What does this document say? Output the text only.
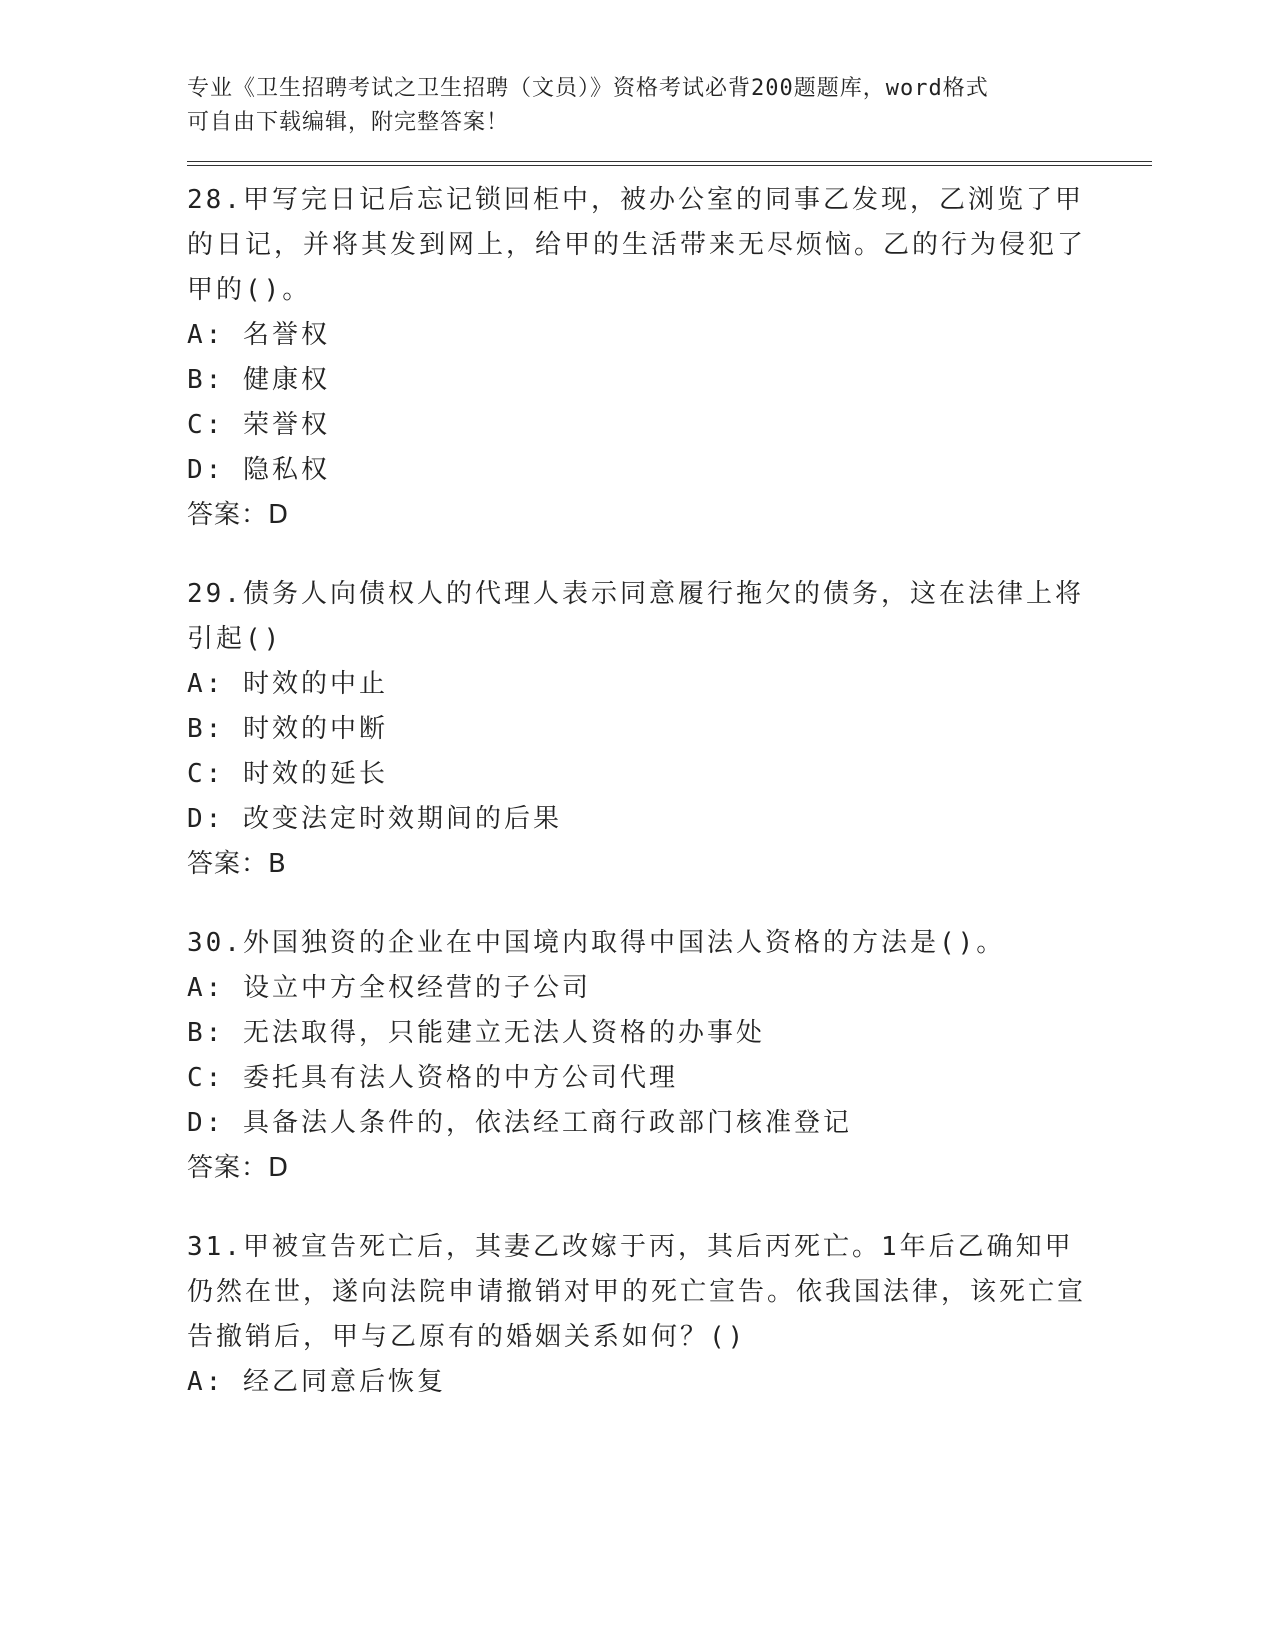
专业《卫生招聘考试之卫生招聘（文员）》资格考试必背200题题库，word格式
可自由下载编辑，附完整答案！
28.甲写完日记后忘记锁回柜中，被办公室的同事乙发现，乙浏览了甲的日记，并将其发到网上，给甲的生活带来无尽烦恼。乙的行为侵犯了甲的()。
A: 名誉权
B: 健康权
C: 荣誉权
D: 隐私权
答案：D
29.债务人向债权人的代理人表示同意履行拖欠的债务，这在法律上将引起()
A: 时效的中止
B: 时效的中断
C: 时效的延长
D: 改变法定时效期间的后果
答案：B
30.外国独资的企业在中国境内取得中国法人资格的方法是()。
A: 设立中方全权经营的子公司
B: 无法取得，只能建立无法人资格的办事处
C: 委托具有法人资格的中方公司代理
D: 具备法人条件的，依法经工商行政部门核准登记
答案：D
31.甲被宣告死亡后，其妻乙改嫁于丙，其后丙死亡。1年后乙确知甲仍然在世，遂向法院申请撤销对甲的死亡宣告。依我国法律，该死亡宣告撤销后，甲与乙原有的婚姻关系如何？()
A: 经乙同意后恢复
